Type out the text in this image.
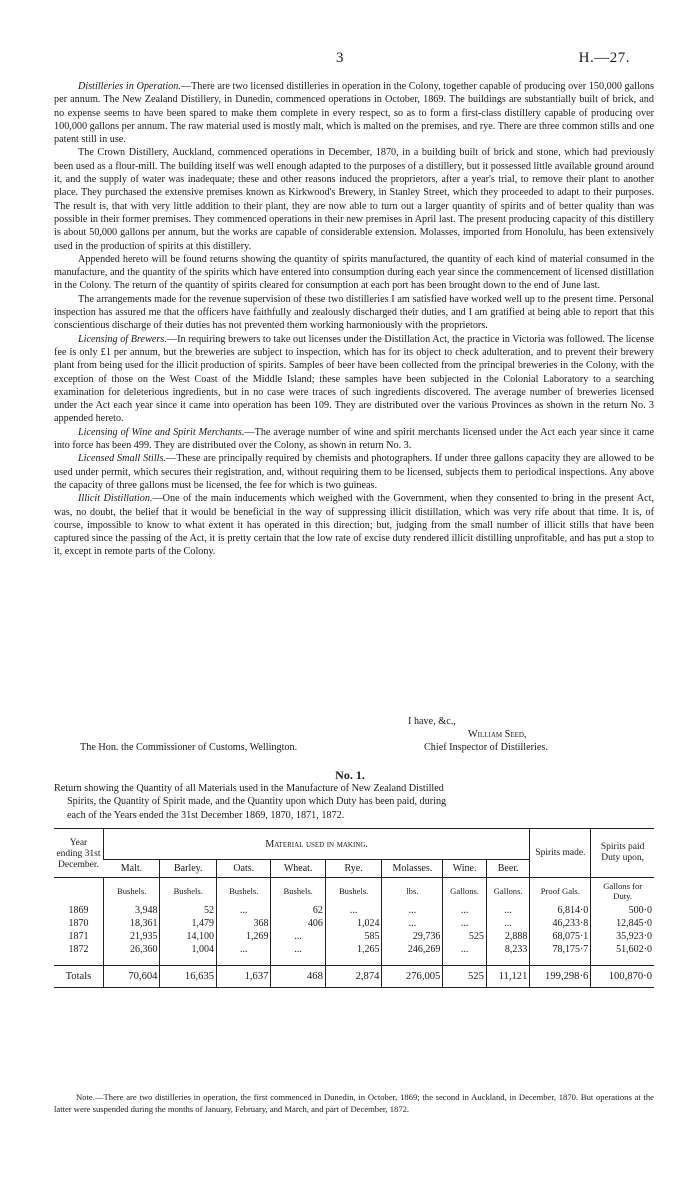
3	H.—27.

Distilleries in Operation.—There are two licensed distilleries in operation in the Colony, together capable of producing over 150,000 gallons per annum. The New Zealand Distillery, in Dunedin, commenced operations in October, 1869. The buildings are substantially built of brick, and no expense seems to have been spared to make them complete in every respect, so as to form a first-class distillery capable of producing over 100,000 gallons per annum. The raw material used is mostly malt, which is malted on the premises, and rye. There are three common stills and one patent still in use.

The Crown Distillery, Auckland, commenced operations in December, 1870, in a building built of brick and stone, which had previously been used as a flour-mill. The building itself was well enough adapted to the purposes of a distillery, but it possessed little available ground around it, and the supply of water was inadequate; these and other reasons induced the proprietors, after a year's trial, to remove their plant to another place. They purchased the extensive premises known as Kirkwood's Brewery, in Stanley Street, which they proceeded to adapt to their purposes. The result is, that with very little addition to their plant, they are now able to turn out a larger quantity of spirits and of better quality than was possible in their former premises. They commenced operations in their new premises in April last. The present producing capacity of this distillery is about 50,000 gallons per annum, but the works are capable of considerable extension. Molasses, imported from Honolulu, has been extensively used in the production of spirits at this distillery.

Appended hereto will be found returns showing the quantity of spirits manufactured, the quantity of each kind of material consumed in the manufacture, and the quantity of the spirits which have entered into consumption during each year since the commencement of licensed distillation in the Colony. The return of the quantity of spirits cleared for consumption at each port has been brought down to the end of June last.

The arrangements made for the revenue supervision of these two distilleries I am satisfied have worked well up to the present time. Personal inspection has assured me that the officers have faithfully and zealously discharged their duties, and I am gratified at being able to report that this conscientious discharge of their duties has not prevented them working harmoniously with the proprietors.

Licensing of Brewers.—In requiring brewers to take out licenses under the Distillation Act, the practice in Victoria was followed. The license fee is only £1 per annum, but the breweries are subject to inspection, which has for its object to check adulteration, and to prevent their brewery plant from being used for the illicit production of spirits. Samples of beer have been collected from the principal breweries in the Colony, with the exception of those on the West Coast of the Middle Island; these samples have been subjected in the Colonial Laboratory to a searching examination for deleterious ingredients, but in no case were traces of such ingredients discovered. The average number of breweries licensed under the Act each year since it came into operation has been 109. They are distributed over the various Provinces as shown in the return No. 3 appended hereto.

Licensing of Wine and Spirit Merchants.—The average number of wine and spirit merchants licensed under the Act each year since it came into force has been 499. They are distributed over the Colony, as shown in return No. 3.

Licensed Small Stills.—These are principally required by chemists and photographers. If under three gallons capacity they are allowed to be used under permit, which secures their registration, and, without requiring them to be licensed, subjects them to periodical inspections. Any above the capacity of three gallons must be licensed, the fee for which is two guineas.

Illicit Distillation.—One of the main inducements which weighed with the Government, when they consented to bring in the present Act, was, no doubt, the belief that it would be beneficial in the way of suppressing illicit distillation, which was very rife about that time. It is, of course, impossible to know to what extent it has operated in this direction; but, judging from the small number of illicit stills that have been captured since the passing of the Act, it is pretty certain that the low rate of excise duty rendered illicit distilling unprofitable, and has put a stop to it, except in remote parts of the Colony.

I have, &c.,
William Seed,
The Hon. the Commissioner of Customs, Wellington.	Chief Inspector of Distilleries.
No. 1.

Return showing the Quantity of all Materials used in the Manufacture of New Zealand Distilled

Spirits, the Quantity of Spirit made, and the Quantity upon which Duty has been paid, during

each of the Years ended the 31st December 1869, 1870, 1871, 1872.

Year ending 31st December.	Material used in making.								Spirits made.	Spirits paid Duty upon,
	Malt.	Barley.	Oats.	Wheat.	Rye.	Molasses.	Wine.	Beer.		
	Bushels.	Bushels.	Bushels.	Bushels.	Bushels.	lbs.	Gallons.	Gallons.	Proof Gals.	Gallons for Duty.
1869	3,948	52	...	62	...	...	...	...	6,814·0	500·0
1870	18,361	1,479	368	406	1,024	...	...	...	46,233·8	12,845·0
1871	21,935	14,100	1,269	...	585	29,736	525	2,888	68,075·1	35,923·0
1872	26,360	1,004	...	...	1,265	246,269	...	8,233	78,175·7	51,602·0

Totals	70,604	16,635	1,637	468	2,874	276,005	525	11,121	199,298·6	100,870·0

Note.—There are two distilleries in operation, the first commenced in Dunedin, in October, 1869; the second in Auckland, in December, 1870. But operations at the latter were suspended during the months of January, February, and March, and part of December, 1872.
